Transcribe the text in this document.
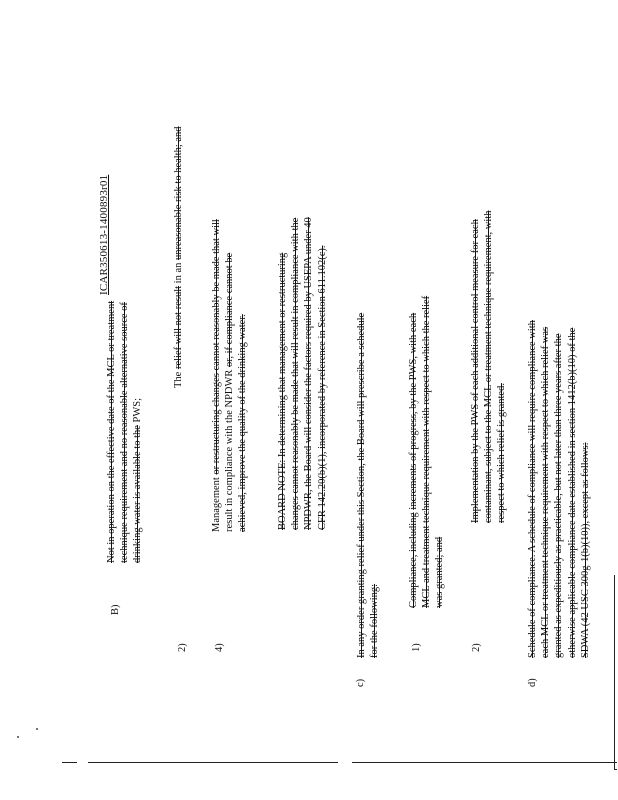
ICAR350613-1400893r01
B)
Not in operation on the effective date of the MCL or treatment technique requirement and no reasonable alternative source of drinking water is available to the PWS;
2)
The relief will not result in an unreasonable risk to health; and
4)
Management or restructuring changes cannot reasonably be made that will result in compliance with the NPDWR or, if compliance cannot be
achieved, improve the quality of the drinking water.	BOARD NOTE: In determining that management or restructuring changes cannot reasonably be made that will result in compliance with the NPDWR, the Board will consider the factors required by USEPA under 40 CFR 142.20(b)(1), incorporated by reference in Section 611.102(c).	In any order granting relief under this Section, the Board will prescribe a schedule for the following:
c)
1)
Compliance, including increments of progress, by the PWS, with each MCL and treatment technique requirement with respect to which the relief was granted; and
2)
Implementation by the PWS of each additional control measure for each contaminant, subject to the MCL or treatment technique requirement, with respect to which relief is granted.
d)
Schedule of compliance. A schedule of compliance will require compliance with each MCL or treatment technique requirement with respect to which relief was granted as expeditiously as practicable, but not later than three years after the otherwise applicable compliance date established in section 1412(b)(10) of the SDWA (42 USC 300g-1(b)(10)), except as follows:
